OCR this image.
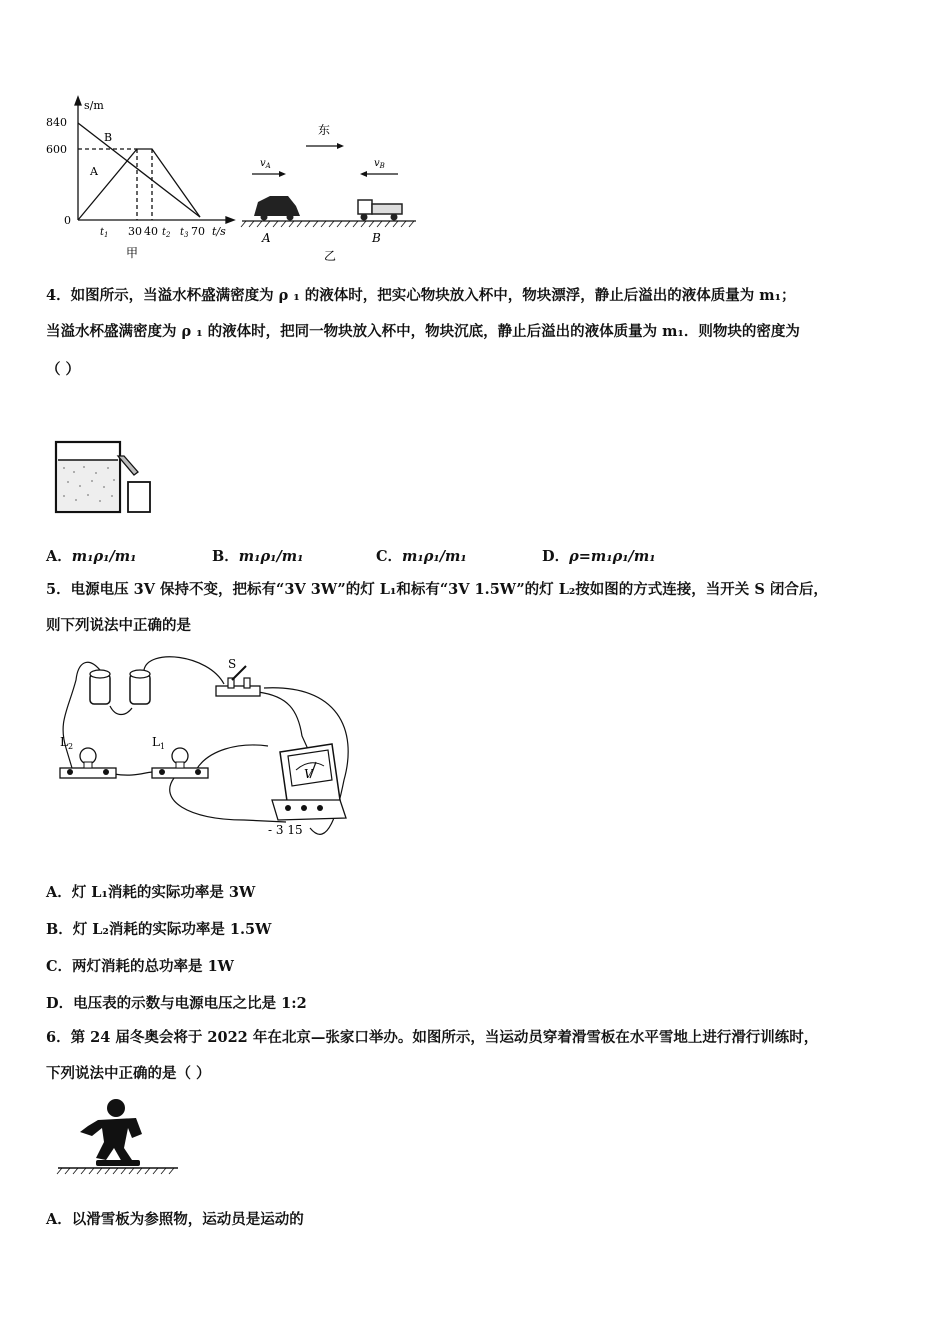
s/m
840
600
0
B
A
$t_1$ 30 40 $t_2$ $t_3$ 70 t/s
甲
东
$v_A$	$v_B$
A	B
乙
4．如图所示，当溢水杯盛满密度为 ρ ₁ 的液体时，把实心物块放入杯中，物块漂浮，静止后溢出的液体质量为 m₁；
当溢水杯盛满密度为 ρ ₁ 的液体时，把同一物块放入杯中，物块沉底，静止后溢出的液体质量为 m₁．则物块的密度为
（ ）
A．m₁ρ₁/m₁	B．m₁ρ₁/m₁	C．m₁ρ₁/m₁	D．ρ=m₁ρ₁/m₁
5．电源电压 3V 保持不变，把标有“3V 3W”的灯 L₁和标有“3V 1.5W”的灯 L₂按如图的方式连接，当开关 S 闭合后，
则下列说法中正确的是
S
$L_2$	$L_1$
V
- 3 15
A．灯 L₁消耗的实际功率是 3W
B．灯 L₂消耗的实际功率是 1.5W
C．两灯消耗的总功率是 1W
D．电压表的示数与电源电压之比是 1:2
6．第 24 届冬奥会将于 2022 年在北京—张家口举办。如图所示，当运动员穿着滑雪板在水平雪地上进行滑行训练时，
下列说法中正确的是（ ）
A．以滑雪板为参照物，运动员是运动的
